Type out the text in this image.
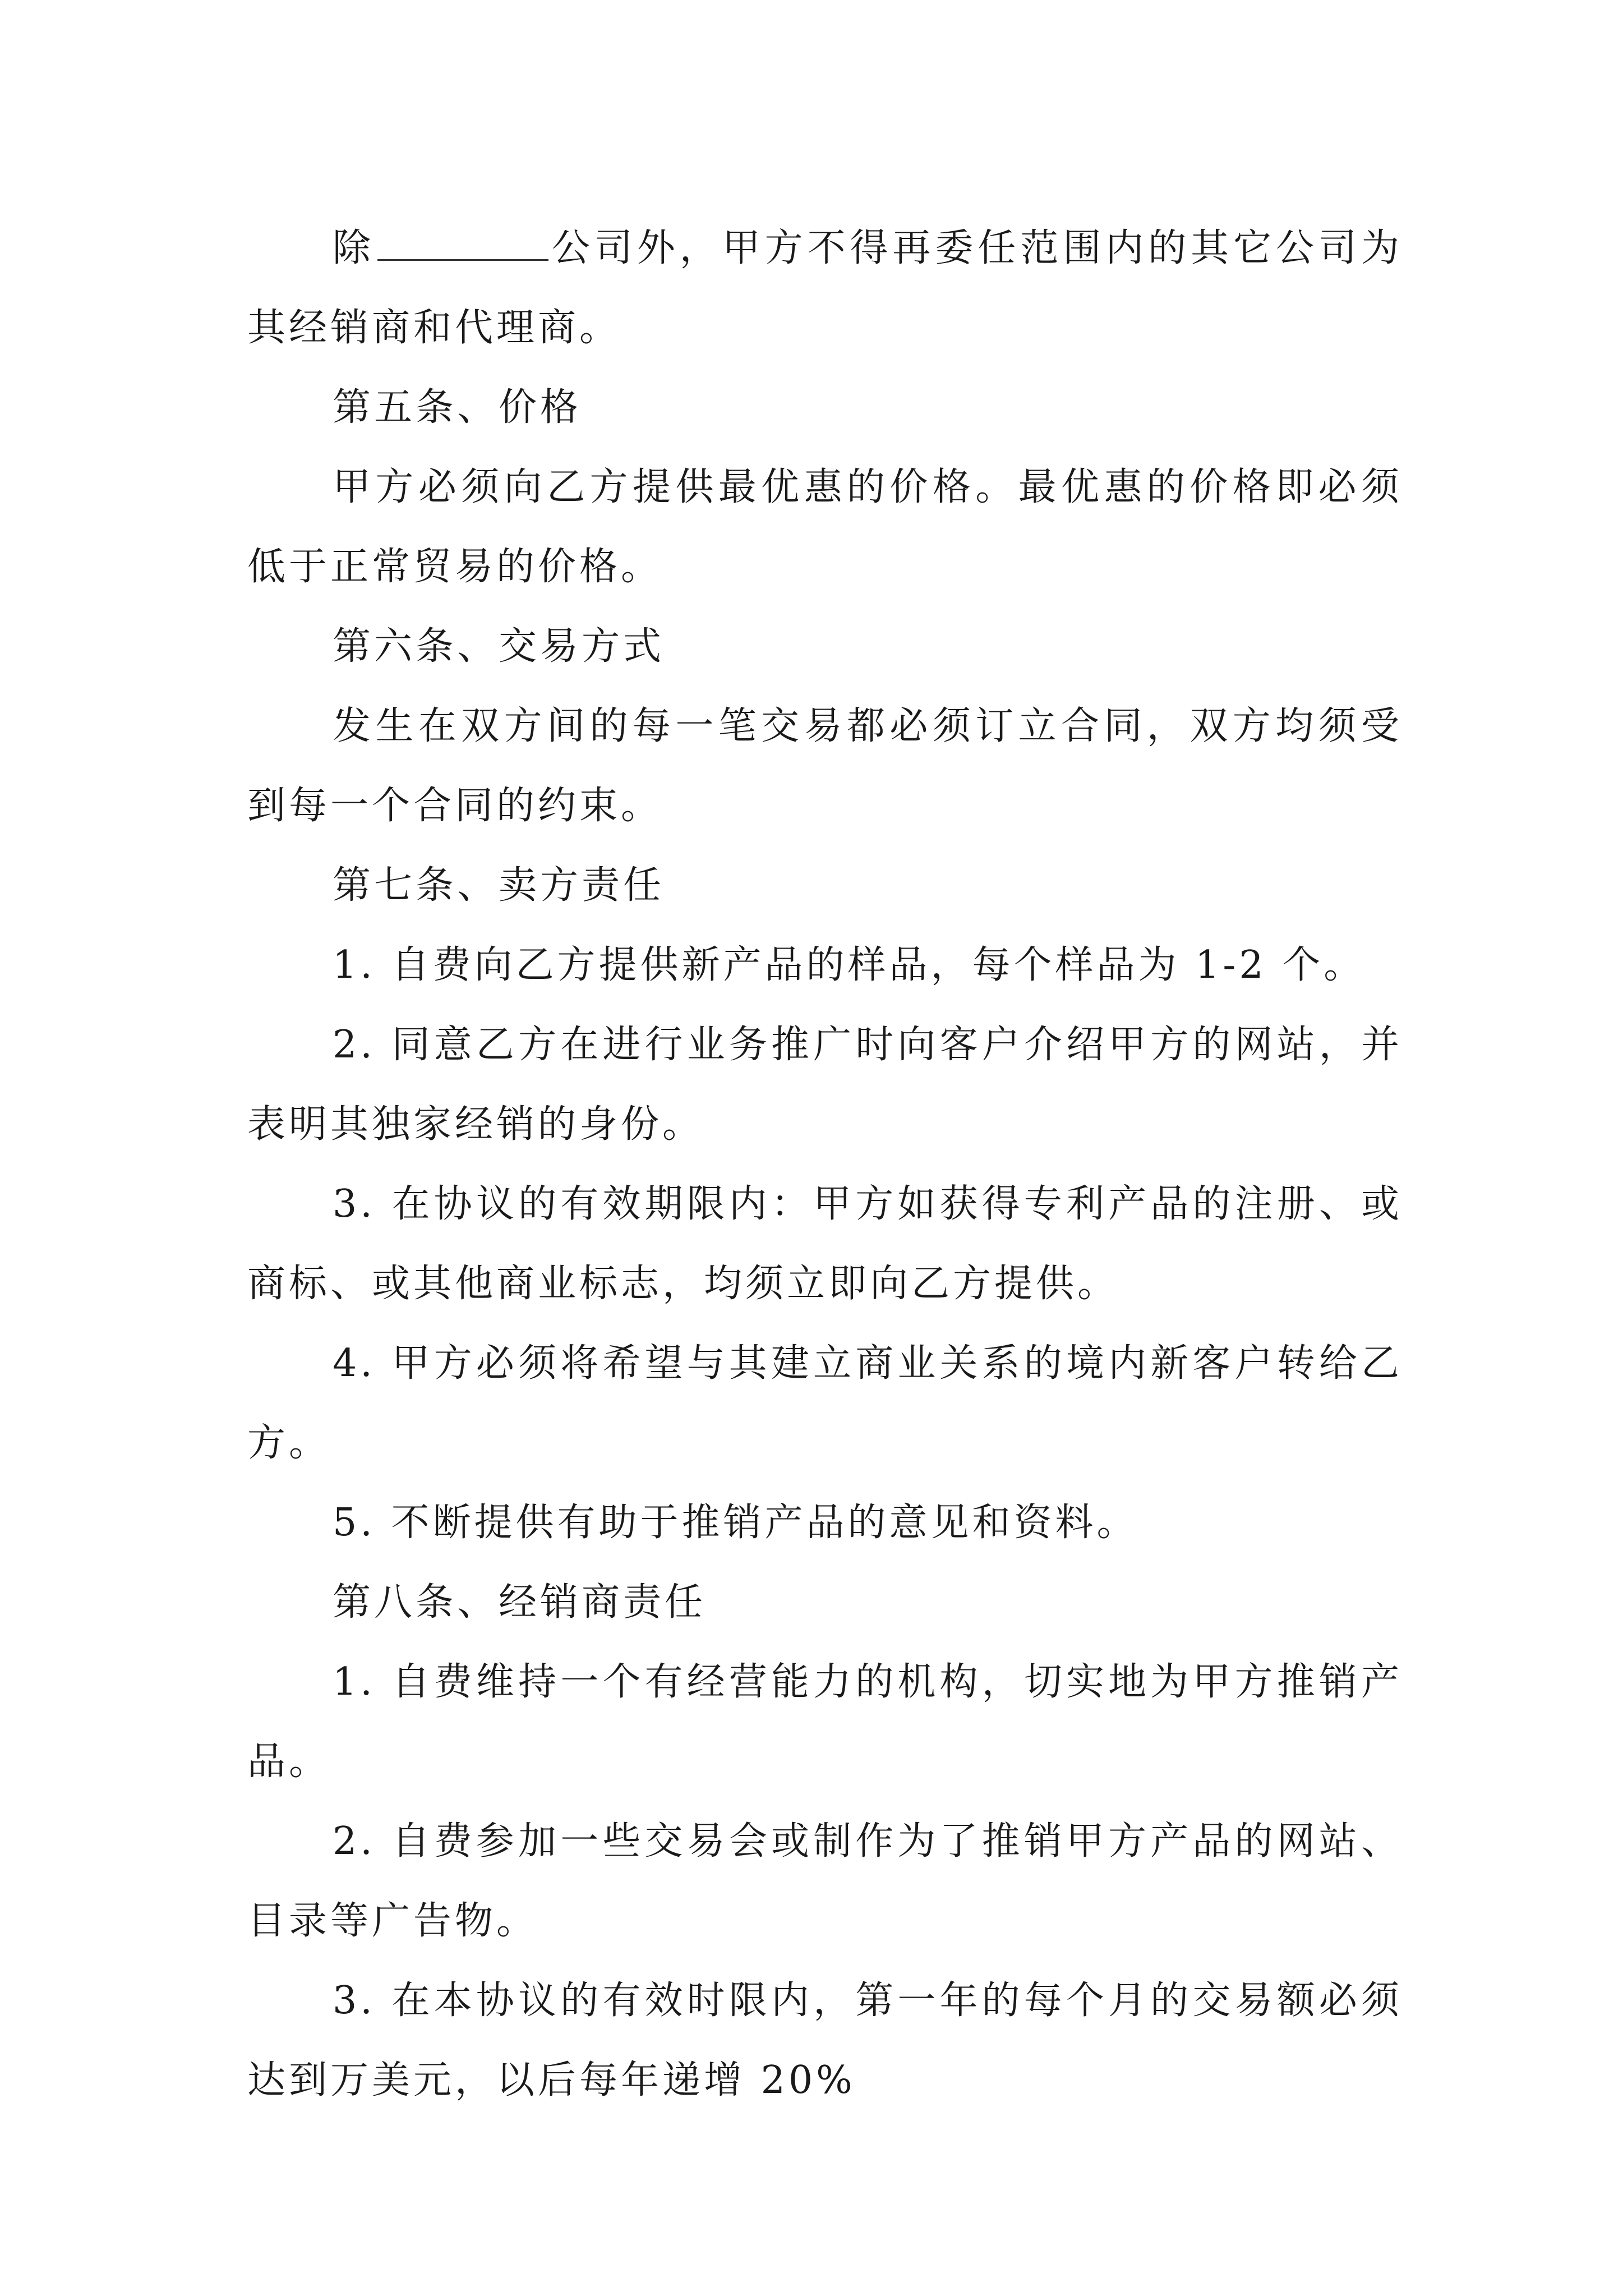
除	公司外，甲方不得再委任范围内的其它公司为其经销商和代理商。

第五条、价格

甲方必须向乙方提供最优惠的价格。最优惠的价格即必须低于正常贸易的价格。

第六条、交易方式

发生在双方间的每一笔交易都必须订立合同，双方均须受到每一个合同的约束。

第七条、卖方责任

1. 自费向乙方提供新产品的样品，每个样品为 1-2 个。

2. 同意乙方在进行业务推广时向客户介绍甲方的网站，并表明其独家经销的身份。

3. 在协议的有效期限内：甲方如获得专利产品的注册、或商标、或其他商业标志，均须立即向乙方提供。

4. 甲方必须将希望与其建立商业关系的境内新客户转给乙方。

5. 不断提供有助于推销产品的意见和资料。

第八条、经销商责任

1. 自费维持一个有经营能力的机构，切实地为甲方推销产品。

2. 自费参加一些交易会或制作为了推销甲方产品的网站、目录等广告物。

3. 在本协议的有效时限内，第一年的每个月的交易额必须达到万美元，以后每年递增 20%
